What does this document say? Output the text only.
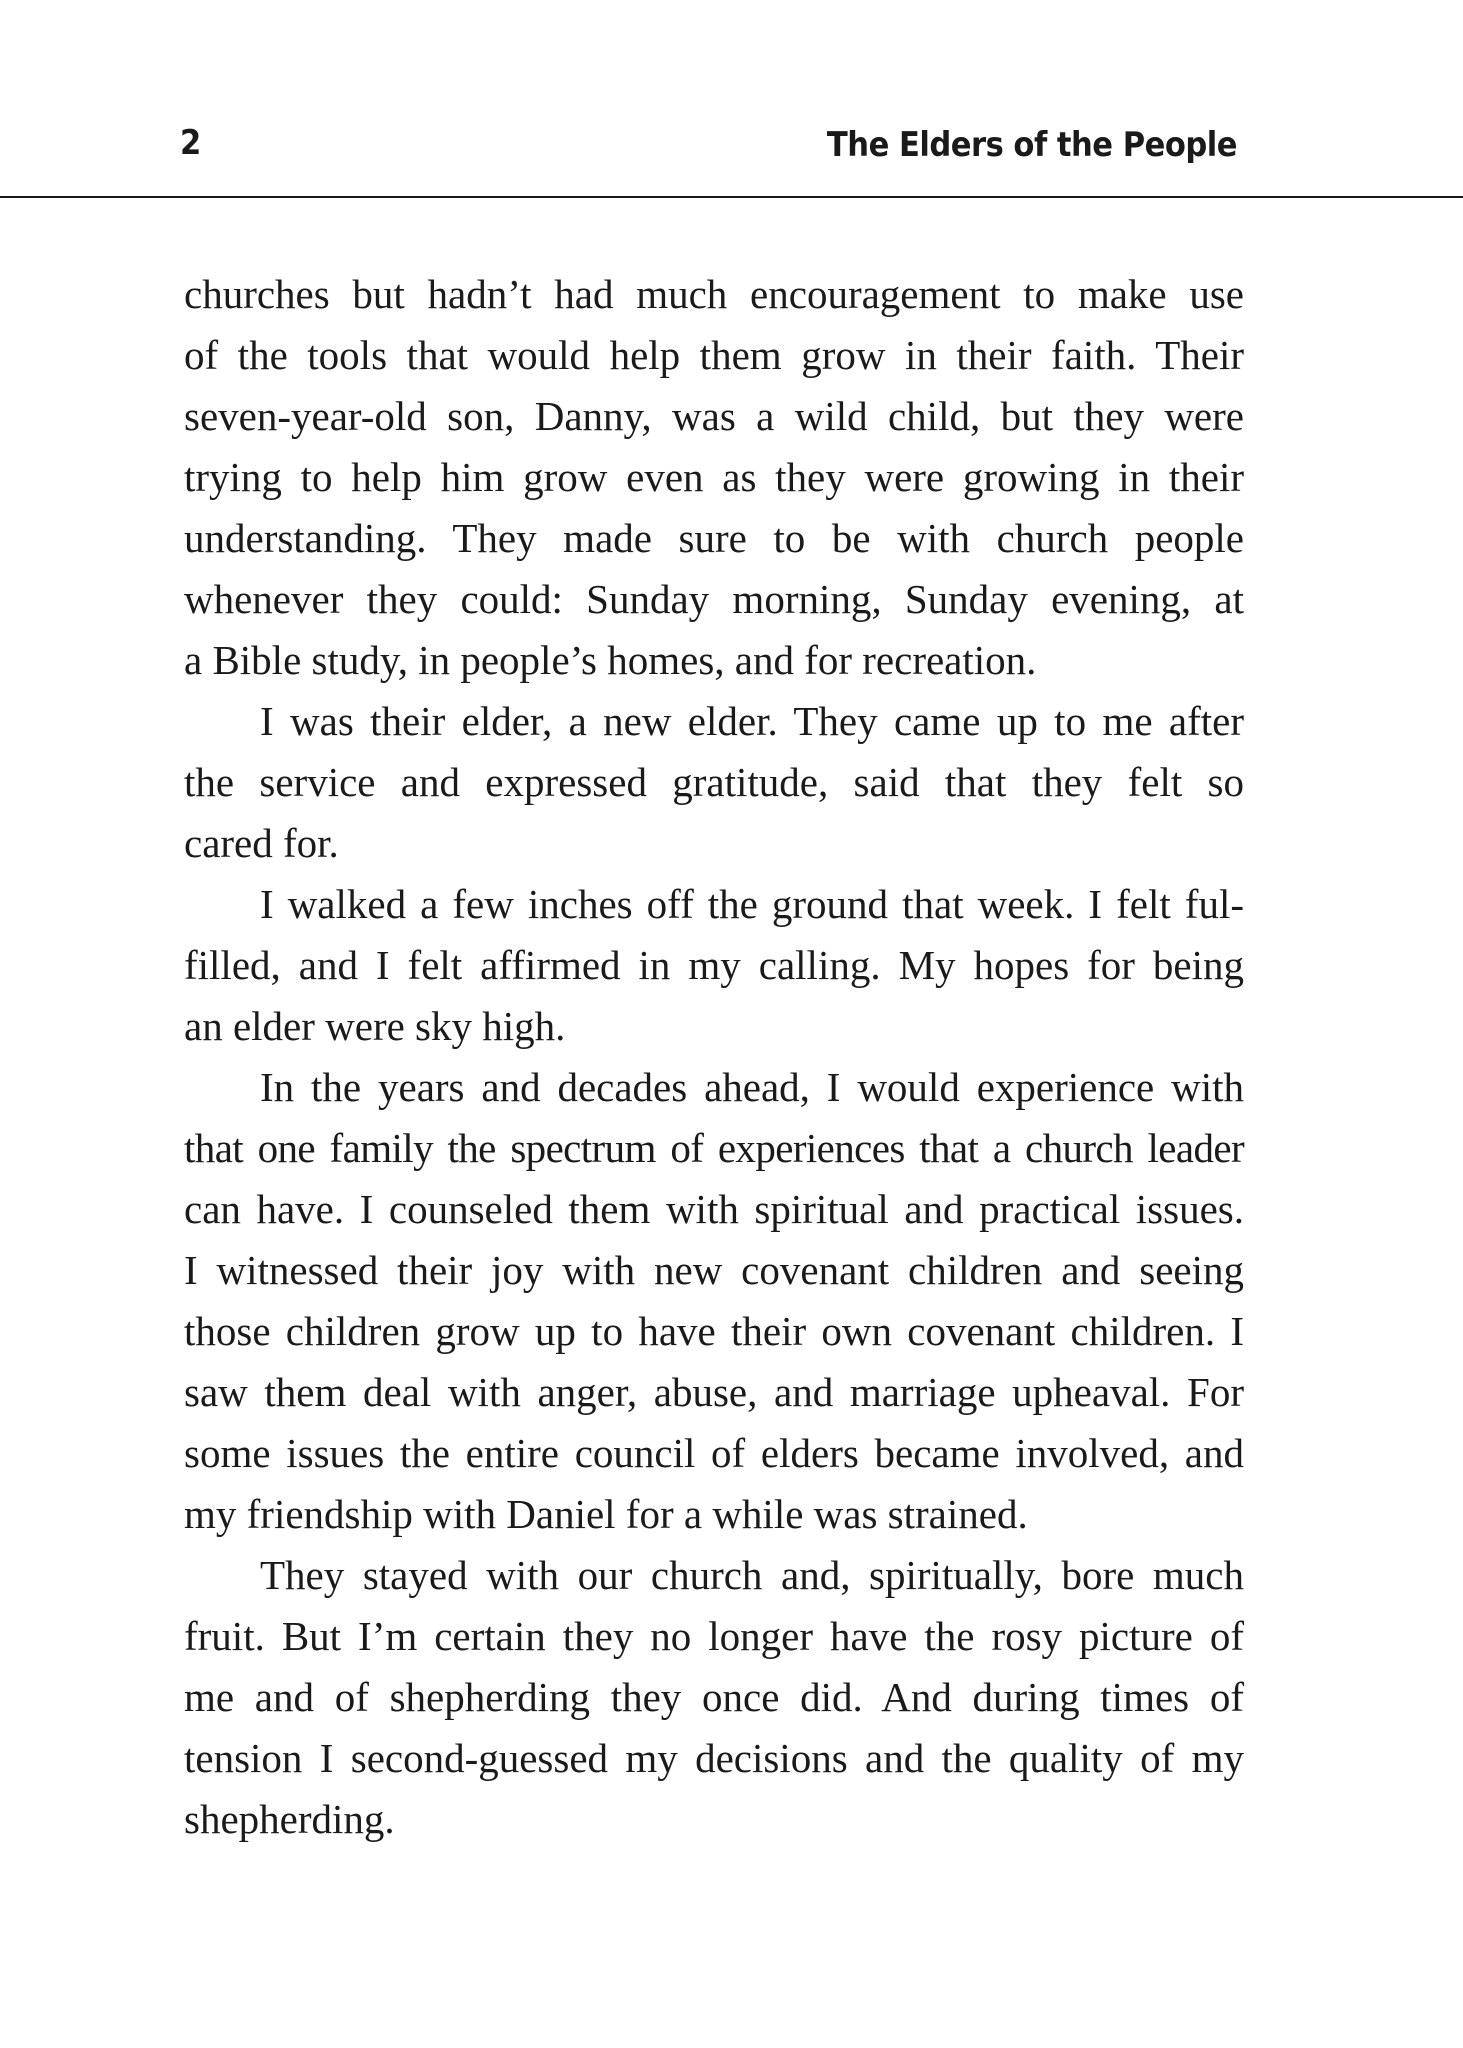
2	The Elders of the People
churches but hadn’t had much encouragement to make use
of the tools that would help them grow in their faith. Their
seven-year-old son, Danny, was a wild child, but they were
trying to help him grow even as they were growing in their
understanding. They made sure to be with church people
whenever they could: Sunday morning, Sunday evening, at
a Bible study, in people’s homes, and for recreation.
I was their elder, a new elder. They came up to me after
the service and expressed gratitude, said that they felt so
cared for.
I walked a few inches off the ground that week. I felt ful-
filled, and I felt affirmed in my calling. My hopes for being
an elder were sky high.
In the years and decades ahead, I would experience with
that one family the spectrum of experiences that a church leader
can have. I counseled them with spiritual and practical issues.
I witnessed their joy with new covenant children and seeing
those children grow up to have their own covenant children. I
saw them deal with anger, abuse, and marriage upheaval. For
some issues the entire council of elders became involved, and
my friendship with Daniel for a while was strained.
They stayed with our church and, spiritually, bore much
fruit. But I’m certain they no longer have the rosy picture of
me and of shepherding they once did. And during times of
tension I second-guessed my decisions and the quality of my
shepherding.
